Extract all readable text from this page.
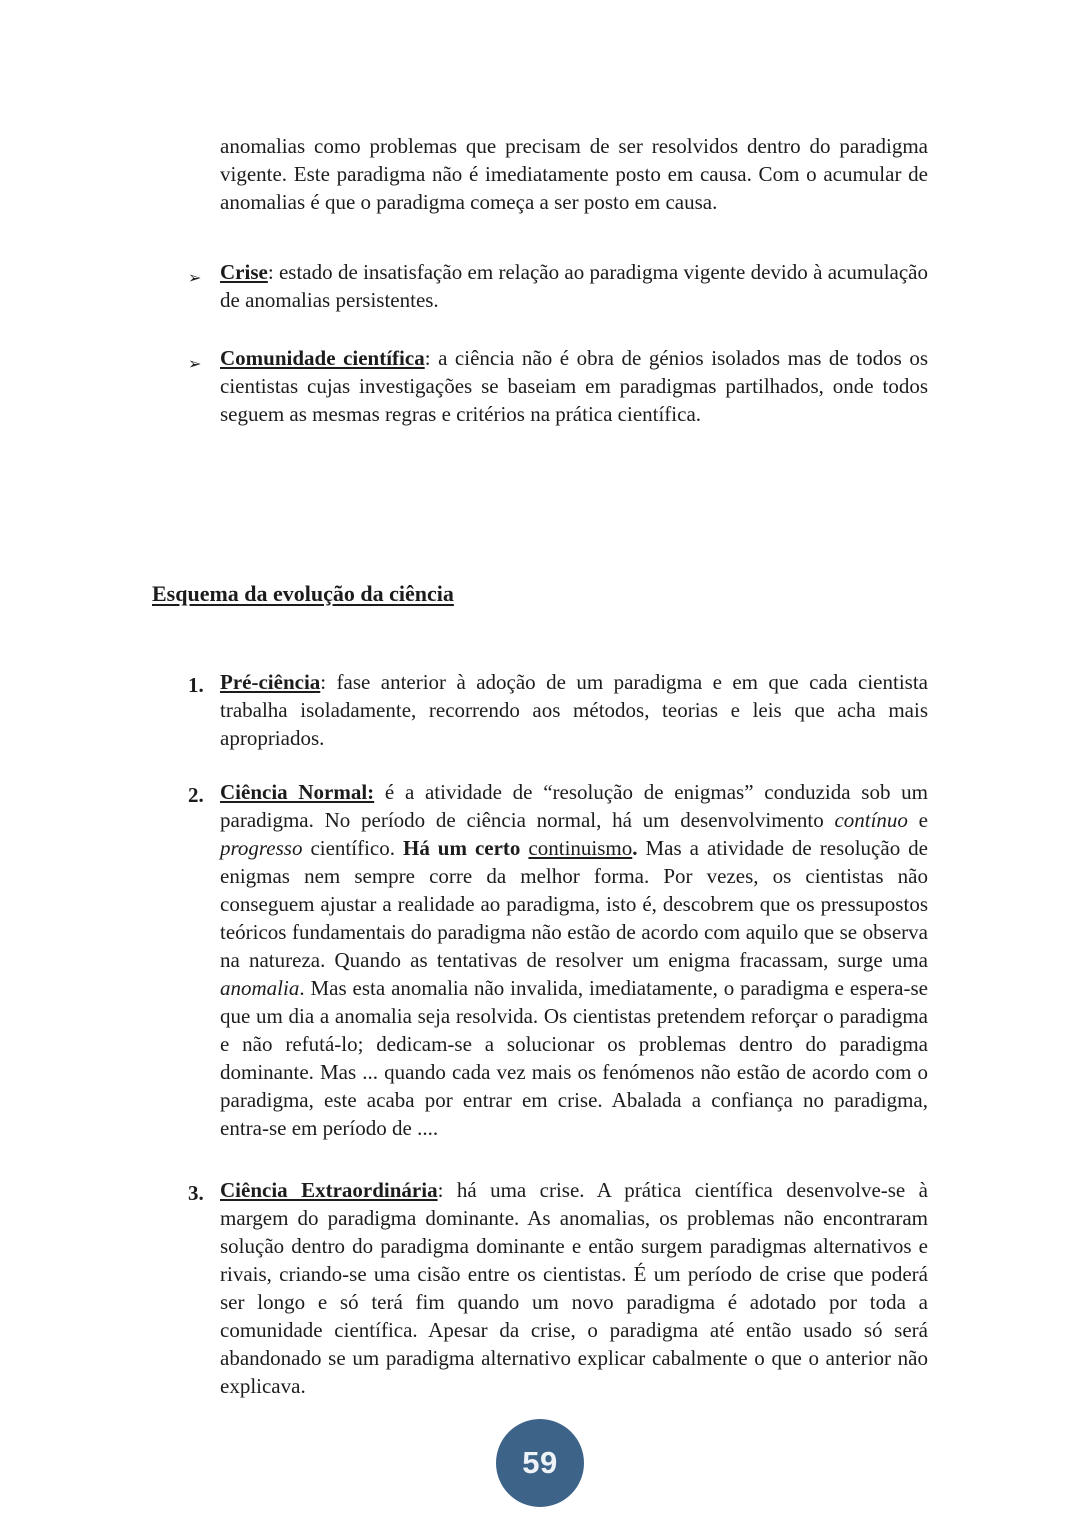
anomalias como problemas que precisam de ser resolvidos dentro do paradigma vigente. Este paradigma não é imediatamente posto em causa. Com o acumular de anomalias é que o paradigma começa a ser posto em causa.

➢ Crise: estado de insatisfação em relação ao paradigma vigente devido à acumulação de anomalias persistentes.

➢ Comunidade científica: a ciência não é obra de génios isolados mas de todos os cientistas cujas investigações se baseiam em paradigmas partilhados, onde todos seguem as mesmas regras e critérios na prática científica.

Esquema da evolução da ciência
1. Pré-ciência: fase anterior à adoção de um paradigma e em que cada cientista trabalha isoladamente, recorrendo aos métodos, teorias e leis que acha mais apropriados.

2. Ciência Normal: é a atividade de “resolução de enigmas” conduzida sob um paradigma. No período de ciência normal, há um desenvolvimento contínuo e progresso científico. Há um certo continuismo. Mas a atividade de resolução de enigmas nem sempre corre da melhor forma. Por vezes, os cientistas não conseguem ajustar a realidade ao paradigma, isto é, descobrem que os pressupostos teóricos fundamentais do paradigma não estão de acordo com aquilo que se observa na natureza. Quando as tentativas de resolver um enigma fracassam, surge uma anomalia. Mas esta anomalia não invalida, imediatamente, o paradigma e espera-se que um dia a anomalia seja resolvida. Os cientistas pretendem reforçar o paradigma e não refutá-lo; dedicam-se a solucionar os problemas dentro do paradigma dominante. Mas ... quando cada vez mais os fenómenos não estão de acordo com o paradigma, este acaba por entrar em crise. Abalada a confiança no paradigma, entra-se em período de ....

3. Ciência Extraordinária: há uma crise. A prática científica desenvolve-se à margem do paradigma dominante. As anomalias, os problemas não encontraram solução dentro do paradigma dominante e então surgem paradigmas alternativos e rivais, criando-se uma cisão entre os cientistas. É um período de crise que poderá ser longo e só terá fim quando um novo paradigma é adotado por toda a comunidade científica. Apesar da crise, o paradigma até então usado só será abandonado se um paradigma alternativo explicar cabalmente o que o anterior não explicava.

59
